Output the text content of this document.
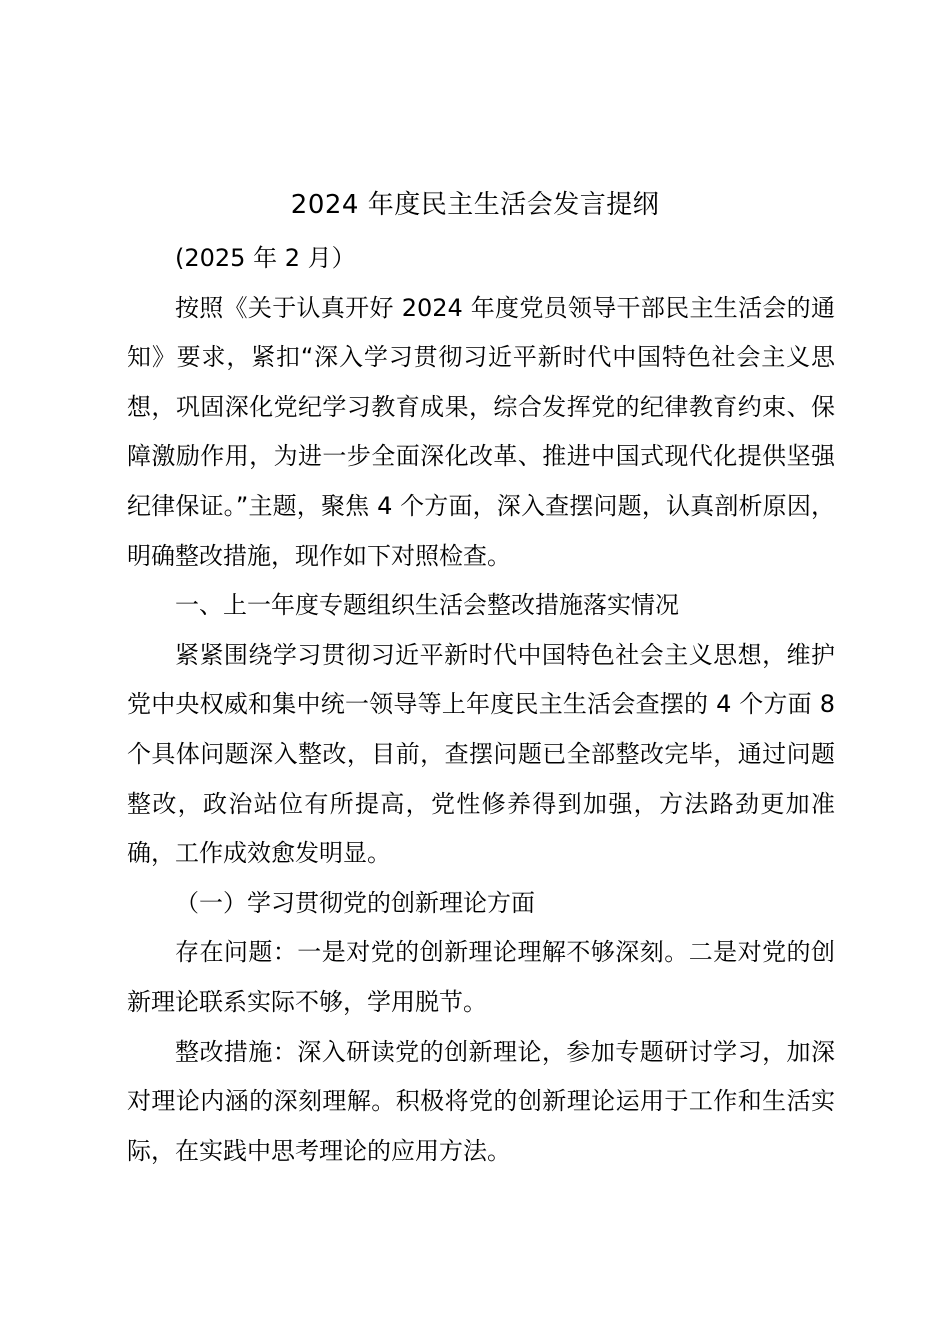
2024 年度民主生活会发言提纲

(2025 年 2 月）

按照《关于认真开好 2024 年度党员领导干部民主生活会的通知》要求，紧扣“深入学习贯彻习近平新时代中国特色社会主义思想，巩固深化党纪学习教育成果，综合发挥党的纪律教育约束、保障激励作用，为进一步全面深化改革、推进中国式现代化提供坚强纪律保证。”主题，聚焦 4 个方面，深入查摆问题，认真剖析原因，明确整改措施，现作如下对照检查。

一、上一年度专题组织生活会整改措施落实情况

紧紧围绕学习贯彻习近平新时代中国特色社会主义思想，维护党中央权威和集中统一领导等上年度民主生活会查摆的 4 个方面 8 个具体问题深入整改，目前，查摆问题已全部整改完毕，通过问题整改，政治站位有所提高，党性修养得到加强，方法路劲更加准确，工作成效愈发明显。

（一）学习贯彻党的创新理论方面

存在问题：一是对党的创新理论理解不够深刻。二是对党的创新理论联系实际不够，学用脱节。

整改措施：深入研读党的创新理论，参加专题研讨学习，加深对理论内涵的深刻理解。积极将党的创新理论运用于工作和生活实际，在实践中思考理论的应用方法。
